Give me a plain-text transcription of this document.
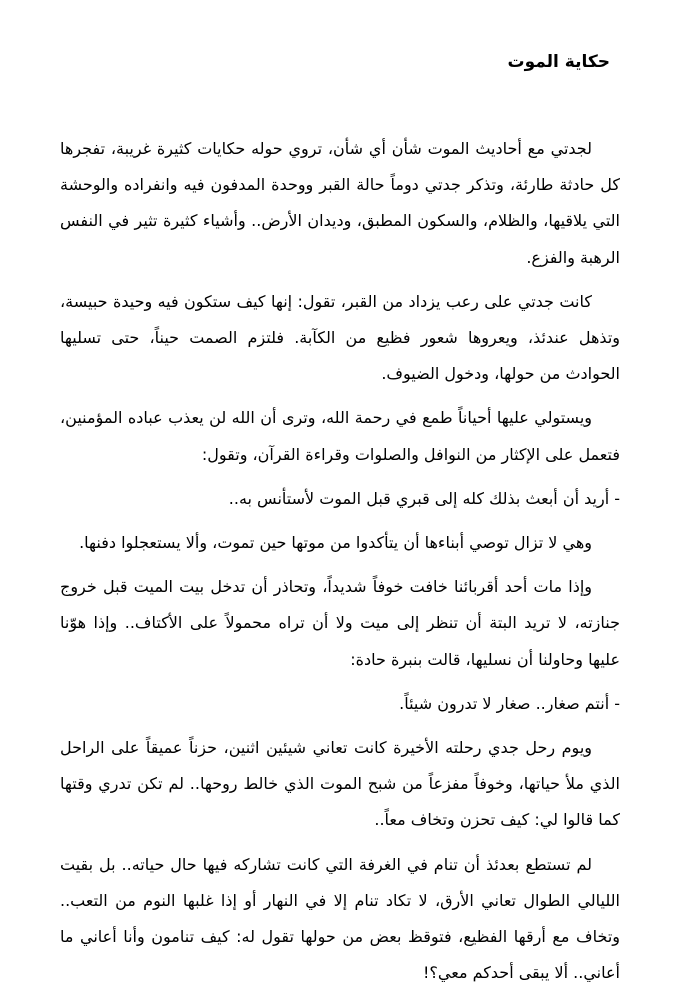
حكاية الموت

لجدتي مع أحاديث الموت شأن أي شأن، تروي حوله حكايات كثيرة غريبة، تفجرها كل حادثة طارئة، وتذكر جدتي دوماً حالة القبر ووحدة المدفون فيه وانفراده والوحشة التي يلاقيها، والظلام، والسكون المطبق، وديدان الأرض.. وأشياء كثيرة تثير في النفس الرهبة والفزع.

كانت جدتي على رعب يزداد من القبر، تقول: إنها كيف ستكون فيه وحيدة حبيسة، وتذهل عندئذ، ويعروها شعور فظيع من الكآبة. فلتزم الصمت حيناً، حتى تسليها الحوادث من حولها، ودخول الضيوف.

ويستولي عليها أحياناً طمع في رحمة الله، وترى أن الله لن يعذب عباده المؤمنين، فتعمل على الإكثار من النوافل والصلوات وقراءة القرآن، وتقول:

- أريد أن أبعث بذلك كله إلى قبري قبل الموت لأستأنس به..

وهي لا تزال توصي أبناءها أن يتأكدوا من موتها حين تموت، وألا يستعجلوا دفنها.

وإذا مات أحد أقربائنا خافت خوفاً شديداً، وتحاذر أن تدخل بيت الميت قبل خروج جنازته، لا تريد البتة أن تنظر إلى ميت ولا أن تراه محمولاً على الأكتاف.. وإذا هوّنا عليها وحاولنا أن نسليها، قالت بنبرة حادة:

- أنتم صغار.. صغار لا تدرون شيئاً.

ويوم رحل جدي رحلته الأخيرة كانت تعاني شيئين اثنين، حزناً عميقاً على الراحل الذي ملأ حياتها، وخوفاً مفزعاً من شبح الموت الذي خالط روحها.. لم تكن تدري وقتها كما قالوا لي: كيف تحزن وتخاف معاً..

لم تستطع بعدئذ أن تنام في الغرفة التي كانت تشاركه فيها حال حياته.. بل بقيت الليالي الطوال تعاني الأرق، لا تكاد تنام إلا في النهار أو إذا غلبها النوم من التعب.. وتخاف مع أرقها الفظيع، فتوقظ بعض من حولها تقول له: كيف تنامون وأنا أعاني ما أعاني.. ألا يبقى أحدكم معي؟!
